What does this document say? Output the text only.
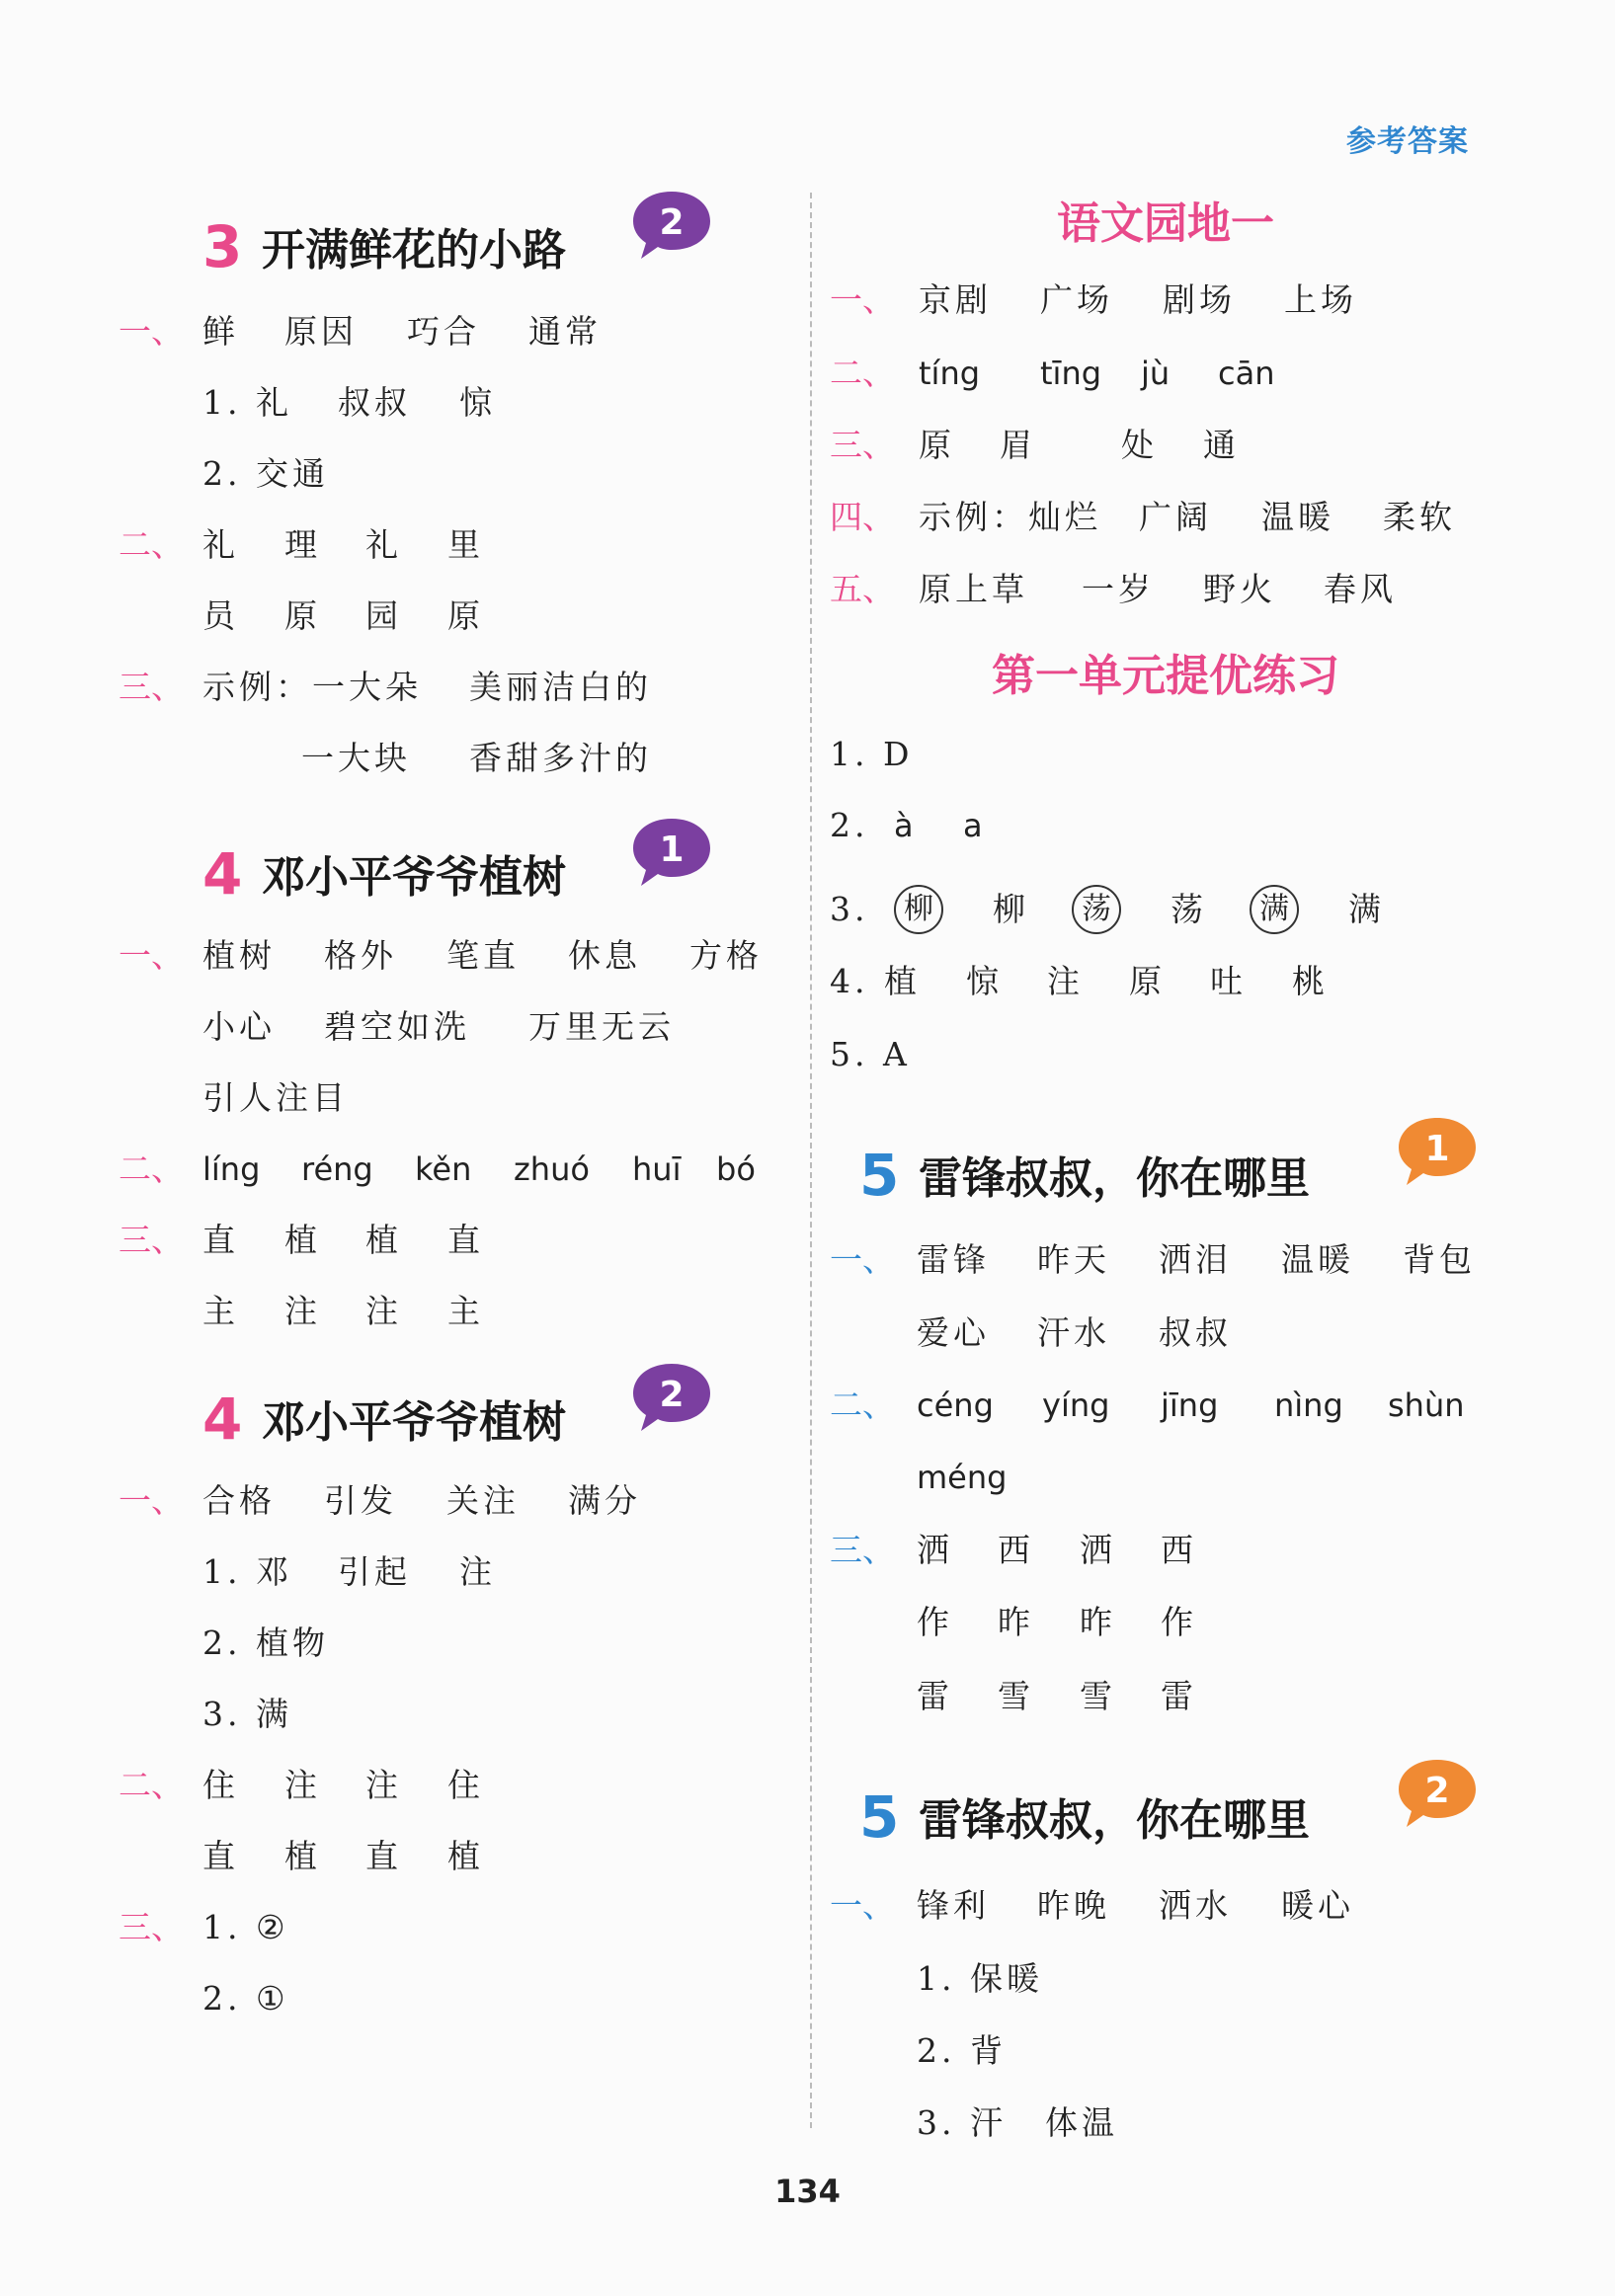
参考答案
3 开满鲜花的小路
2
一、 鲜 原因 巧合 通常
1. 礼 叔叔 惊
2. 交通
二、 礼 理 礼 里
员 原 园 原
三、 示例：一大朵 美丽洁白的
一大块 香甜多汁的
4 邓小平爷爷植树
1
一、 植树 格外 笔直 休息 方格
小心 碧空如洗 万里无云
引人注目
二、 líng réng kěn zhuó huī bó
三、 直 植 植 直
主 注 注 主
4 邓小平爷爷植树
2
一、 合格 引发 关注 满分
1. 邓 引起 注
2. 植物
3. 满
二、 住 注 注 住
直 植 直 植
三、 1. ②
2. ①
语文园地一
一、 京剧 广场 剧场 上场
二、 tíng tīng jù cān
三、 原 眉	处 通
四、 示例：灿烂 广阔 温暖 柔软
五、 原上草 一岁 野火 春风
第一单元提优练习
1. D
2. à a
3.	柳	柳	荡	荡	满	满
4. 植 惊 注 原 吐 桃
5. A
5 雷锋叔叔，你在哪里
1
一、 雷锋 昨天 洒泪 温暖 背包
爱心 汗水 叔叔
二、 céng yíng jīng nìng shùn
méng
三、 洒 西 洒 西
作 昨 昨 作
雷 雪 雪 雷
5 雷锋叔叔，你在哪里
2
一、 锋利 昨晚 洒水 暖心
1. 保暖
2. 背
3. 汗 体温
134
